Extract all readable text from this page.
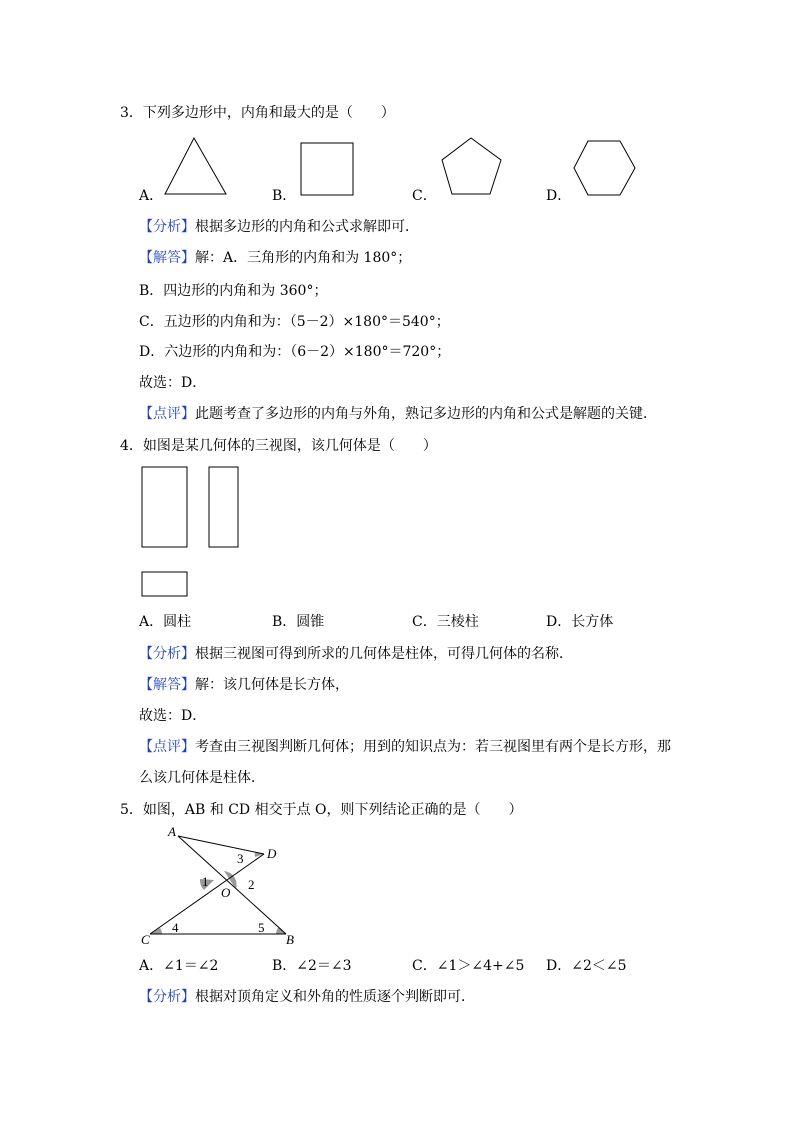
3．下列多边形中，内角和最大的是（　　）
A．	B．	C．	D．
【分析】根据多边形的内角和公式求解即可．
【解答】解：A．三角形的内角和为 180°；
B．四边形的内角和为 360°；
C．五边形的内角和为：（5－2）×180°＝540°；
D．六边形的内角和为：（6－2）×180°＝720°；
故选：D．
【点评】此题考查了多边形的内角与外角，熟记多边形的内角和公式是解题的关键．
4．如图是某几何体的三视图，该几何体是（　　）
A．圆柱	B．圆锥	C．三棱柱	D．长方体
【分析】根据三视图可得到所求的几何体是柱体，可得几何体的名称．
【解答】解：该几何体是长方体，
故选：D．
【点评】考查由三视图判断几何体；用到的知识点为：若三视图里有两个是长方形，那
么该几何体是柱体．
5．如图，AB 和 CD 相交于点 O，则下列结论正确的是（　　）
A
D
O
C	B
1	2
3
4	5
A．∠1＝∠2	B．∠2＝∠3	C．∠1＞∠4+∠5 D．∠2＜∠5
【分析】根据对顶角定义和外角的性质逐个判断即可．
